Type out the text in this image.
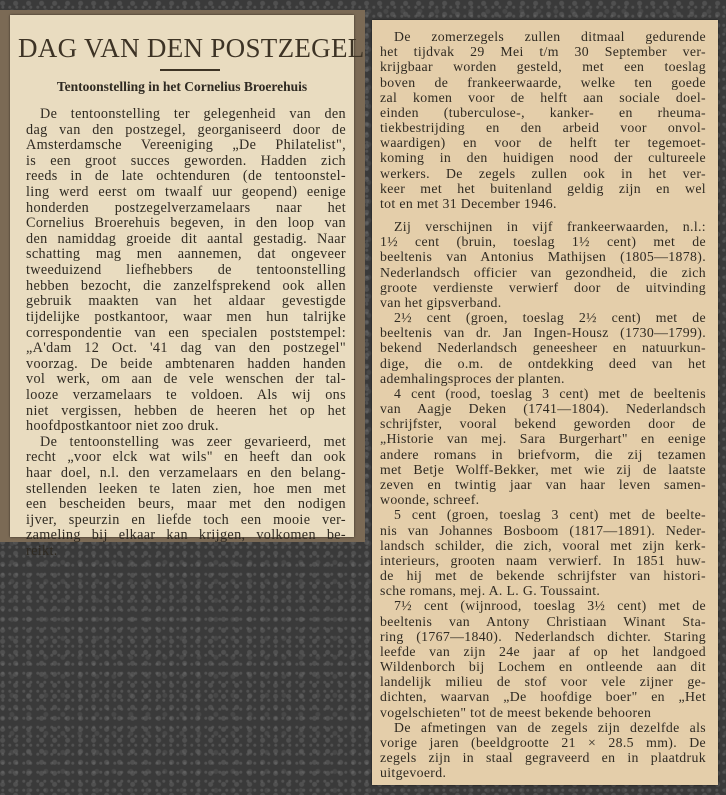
DAG VAN DEN POSTZEGEL
Tentoonstelling in het Cornelius Broerehuis
De tentoonstelling ter gelegenheid van den
dag van den postzegel, georganiseerd door de
Amsterdamsche Vereeniging „De Philatelist",
is een groot succes geworden. Hadden zich
reeds in de late ochtenduren (de tentoonstel-
ling werd eerst om twaalf uur geopend) eenige
honderden postzegelverzamelaars naar het
Cornelius Broerehuis begeven, in den loop van
den namiddag groeide dit aantal gestadig. Naar
schatting mag men aannemen, dat ongeveer
tweeduizend liefhebbers de tentoonstelling
hebben bezocht, die zanzelfsprekend ook allen
gebruik maakten van het aldaar gevestigde
tijdelijke postkantoor, waar men hun talrijke
correspondentie van een specialen poststempel:
„A'dam 12 Oct. '41 dag van den postzegel"
voorzag. De beide ambtenaren hadden handen
vol werk, om aan de vele wenschen der tal-
looze verzamelaars te voldoen. Als wij ons
niet vergissen, hebben de heeren het op het
hoofdpostkantoor niet zoo druk.
De tentoonstelling was zeer gevarieerd, met
recht „voor elck wat wils" en heeft dan ook
haar doel, n.l. den verzamelaars en den belang-
stellenden leeken te laten zien, hoe men met
een bescheiden beurs, maar met den nodigen
ijver, speurzin en liefde toch een mooie ver-
zameling bij elkaar kan krijgen, volkomen be-
reikt.
De zomerzegels zullen ditmaal gedurende
het tijdvak 29 Mei t/m 30 September ver-
krijgbaar worden gesteld, met een toeslag
boven de frankeerwaarde, welke ten goede
zal komen voor de helft aan sociale doel-
einden (tuberculose-, kanker- en rheuma-
tiekbestrijding en den arbeid voor onvol-
waardigen) en voor de helft ter tegemoet-
koming in den huidigen nood der cultureele
werkers. De zegels zullen ook in het ver-
keer met het buitenland geldig zijn en wel
tot en met 31 December 1946.
Zij verschijnen in vijf frankeerwaarden, n.l.:
1½ cent (bruin, toeslag 1½ cent) met de
beeltenis van Antonius Mathijsen (1805—1878).
Nederlandsch officier van gezondheid, die zich
groote verdienste verwierf door de uitvinding
van het gipsverband.
2½ cent (groen, toeslag 2½ cent) met de
beeltenis van dr. Jan Ingen-Housz (1730—1799).
bekend Nederlandsch geneesheer en natuurkun-
dige, die o.m. de ontdekking deed van het
ademhalingsproces der planten.
4 cent (rood, toeslag 3 cent) met de beeltenis
van Aagje Deken (1741—1804). Nederlandsch
schrijfster, vooral bekend geworden door de
„Historie van mej. Sara Burgerhart" en eenige
andere romans in briefvorm, die zij tezamen
met Betje Wolff-Bekker, met wie zij de laatste
zeven en twintig jaar van haar leven samen-
woonde, schreef.
5 cent (groen, toeslag 3 cent) met de beelte-
nis van Johannes Bosboom (1817—1891). Neder-
landsch schilder, die zich, vooral met zijn kerk-
interieurs, grooten naam verwierf. In 1851 huw-
de hij met de bekende schrijfster van histori-
sche romans, mej. A. L. G. Toussaint.
7½ cent (wijnrood, toeslag 3½ cent) met de
beeltenis van Antony Christiaan Winant Sta-
ring (1767—1840). Nederlandsch dichter. Staring
leefde van zijn 24e jaar af op het landgoed
Wildenborch bij Lochem en ontleende aan dit
landelijk milieu de stof voor vele zijner ge-
dichten, waarvan „De hoofdige boer" en „Het
vogelschieten" tot de meest bekende behooren
De afmetingen van de zegels zijn dezelfde als
vorige jaren (beeldgrootte 21 × 28.5 mm). De
zegels zijn in staal gegraveerd en in plaatdruk
uitgevoerd.
